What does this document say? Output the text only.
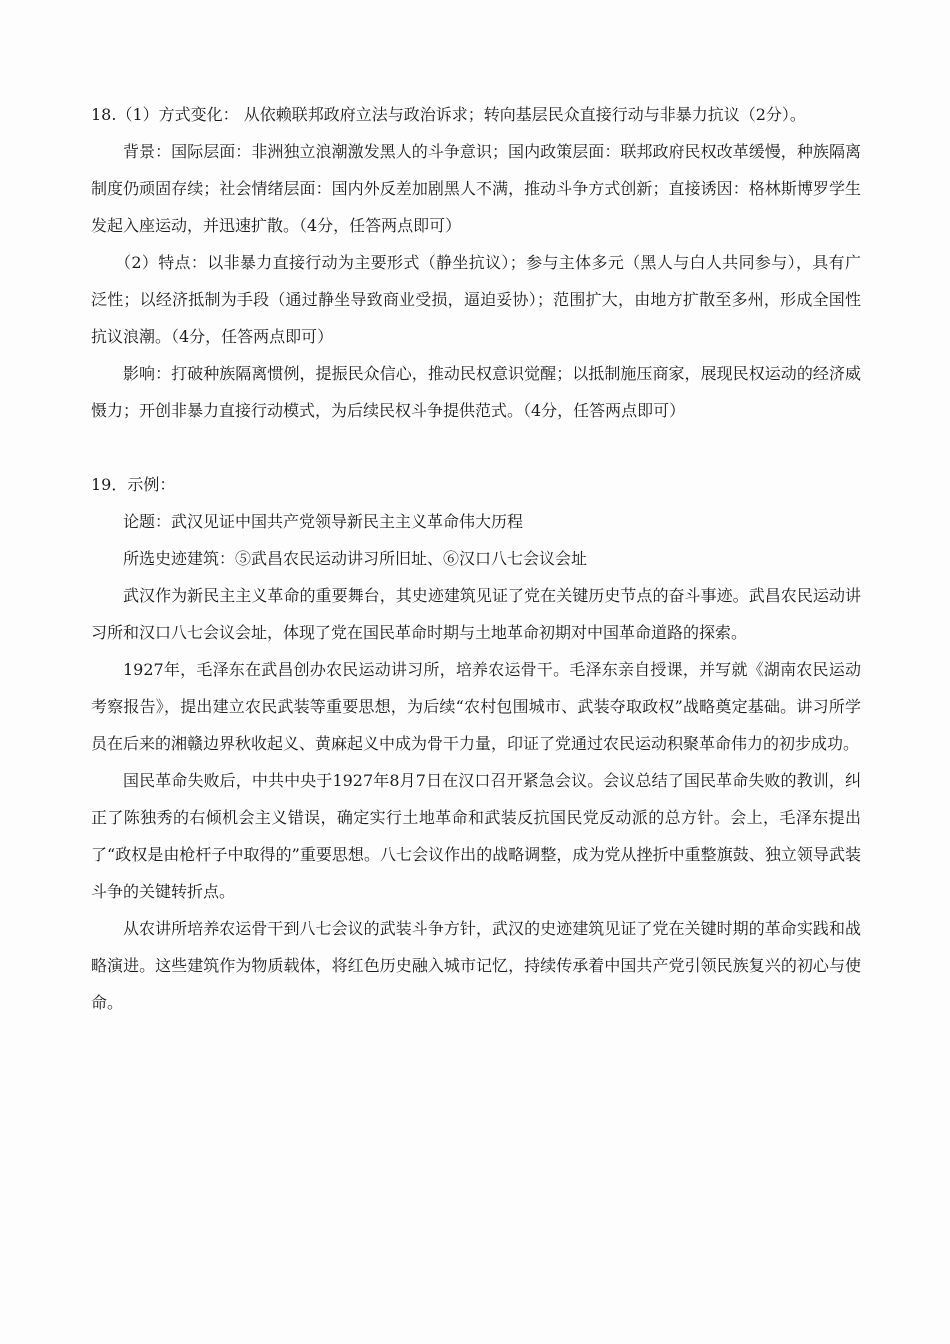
18.（1）方式变化： 从依赖联邦政府立法与政治诉求；转向基层民众直接行动与非暴力抗议（2分）。

背景：国际层面：非洲独立浪潮激发黑人的斗争意识；国内政策层面：联邦政府民权改革缓慢，种族隔离制度仍顽固存续；社会情绪层面：国内外反差加剧黑人不满，推动斗争方式创新；直接诱因：格林斯博罗学生发起入座运动，并迅速扩散。（4分，任答两点即可）

（2）特点：以非暴力直接行动为主要形式（静坐抗议）；参与主体多元（黑人与白人共同参与），具有广泛性；以经济抵制为手段（通过静坐导致商业受损，逼迫妥协）；范围扩大，由地方扩散至多州，形成全国性抗议浪潮。（4分，任答两点即可）

影响：打破种族隔离惯例，提振民众信心，推动民权意识觉醒；以抵制施压商家，展现民权运动的经济威慑力；开创非暴力直接行动模式，为后续民权斗争提供范式。（4分，任答两点即可）

19．示例：

论题：武汉见证中国共产党领导新民主主义革命伟大历程

所选史迹建筑：⑤武昌农民运动讲习所旧址、⑥汉口八七会议会址

武汉作为新民主主义革命的重要舞台，其史迹建筑见证了党在关键历史节点的奋斗事迹。武昌农民运动讲习所和汉口八七会议会址，体现了党在国民革命时期与土地革命初期对中国革命道路的探索。

1927年，毛泽东在武昌创办农民运动讲习所，培养农运骨干。毛泽东亲自授课，并写就《湖南农民运动考察报告》，提出建立农民武装等重要思想，为后续“农村包围城市、武装夺取政权”战略奠定基础。讲习所学员在后来的湘赣边界秋收起义、黄麻起义中成为骨干力量，印证了党通过农民运动积聚革命伟力的初步成功。

国民革命失败后，中共中央于1927年8月7日在汉口召开紧急会议。会议总结了国民革命失败的教训，纠正了陈独秀的右倾机会主义错误，确定实行土地革命和武装反抗国民党反动派的总方针。会上，毛泽东提出了“政权是由枪杆子中取得的”重要思想。八七会议作出的战略调整，成为党从挫折中重整旗鼓、独立领导武装斗争的关键转折点。

从农讲所培养农运骨干到八七会议的武装斗争方针，武汉的史迹建筑见证了党在关键时期的革命实践和战略演进。这些建筑作为物质载体，将红色历史融入城市记忆，持续传承着中国共产党引领民族复兴的初心与使命。
